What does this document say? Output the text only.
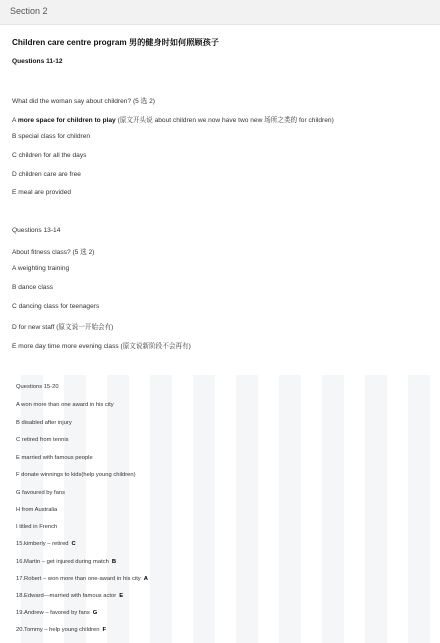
Section 2
Children care centre program 男的健身时如何照顾孩子
Questions 11-12
What did the woman say about children? (5 选 2)
A more space for children to play (原文开头说 about children we now have two new 场所之类的 for children)
B special class for children
C children for all the days
D children care are free
E meal are provided
Questions 13-14
About fitness class? (5 选 2)
A weighting training
B dance class
C dancing class for teenagers
D for new staff (原文说一开始会有)
E more day time more evening class (原文说新阶段不会再有)
Questions 15-20
A won more than one award in his city
B disabled after injury
C retired from tennis
E married with famous people
F donate winnings to kids(help young children)
G favoured by fans
H from Australia
I titled in French
15.kimberly – retired C
16.Martin – get injured during match B
17.Robert – won more than one-award in his city A
18.Edward—married with famous actor E
19.Andrew – favored by fans G
20.Tommy – help young children F
